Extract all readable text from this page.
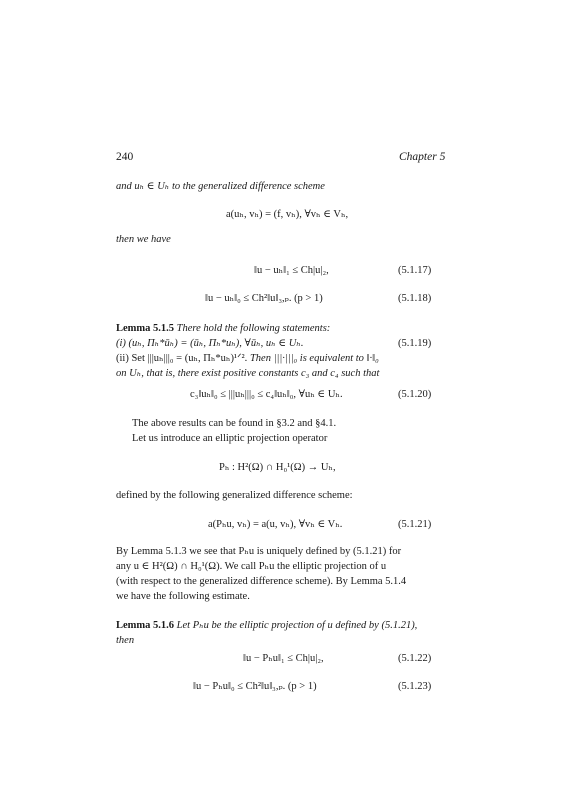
240	Chapter 5
and uₕ ∈ Uₕ to the generalized difference scheme
a(uₕ, vₕ) = (f, vₕ), ∀vₕ ∈ Vₕ,
then we have
‖u − uₕ‖₁ ≤ Ch|u|₂,	(5.1.17)
‖u − uₕ‖₀ ≤ Ch²‖u‖₃,ₚ. (p > 1)	(5.1.18)
Lemma 5.1.5 There hold the following statements:
(i) (uₕ, Πₕ*ūₕ) = (ūₕ, Πₕ*uₕ), ∀ūₕ, uₕ ∈ Uₕ.	(5.1.19)
(ii) Set |||uₕ|||₀ = (uₕ, Πₕ*uₕ)¹ᐟ². Then |||·|||₀ is equivalent to ‖·‖₀
on Uₕ, that is, there exist positive constants c₃ and c₄ such that
c₃‖uₕ‖₀ ≤ |||uₕ|||₀ ≤ c₄‖uₕ‖₀, ∀uₕ ∈ Uₕ.	(5.1.20)
The above results can be found in §3.2 and §4.1.
Let us introduce an elliptic projection operator
Pₕ : H²(Ω) ∩ H₀¹(Ω) → Uₕ,
defined by the following generalized difference scheme:
a(Pₕu, vₕ) = a(u, vₕ), ∀vₕ ∈ Vₕ.	(5.1.21)
By Lemma 5.1.3 we see that Pₕu is uniquely defined by (5.1.21) for
any u ∈ H²(Ω) ∩ H₀¹(Ω). We call Pₕu the elliptic projection of u
(with respect to the generalized difference scheme). By Lemma 5.1.4
we have the following estimate.
Lemma 5.1.6 Let Pₕu be the elliptic projection of u defined by (5.1.21),
then
‖u − Pₕu‖₁ ≤ Ch|u|₂,	(5.1.22)
‖u − Pₕu‖₀ ≤ Ch²‖u‖₃,ₚ. (p > 1)	(5.1.23)
